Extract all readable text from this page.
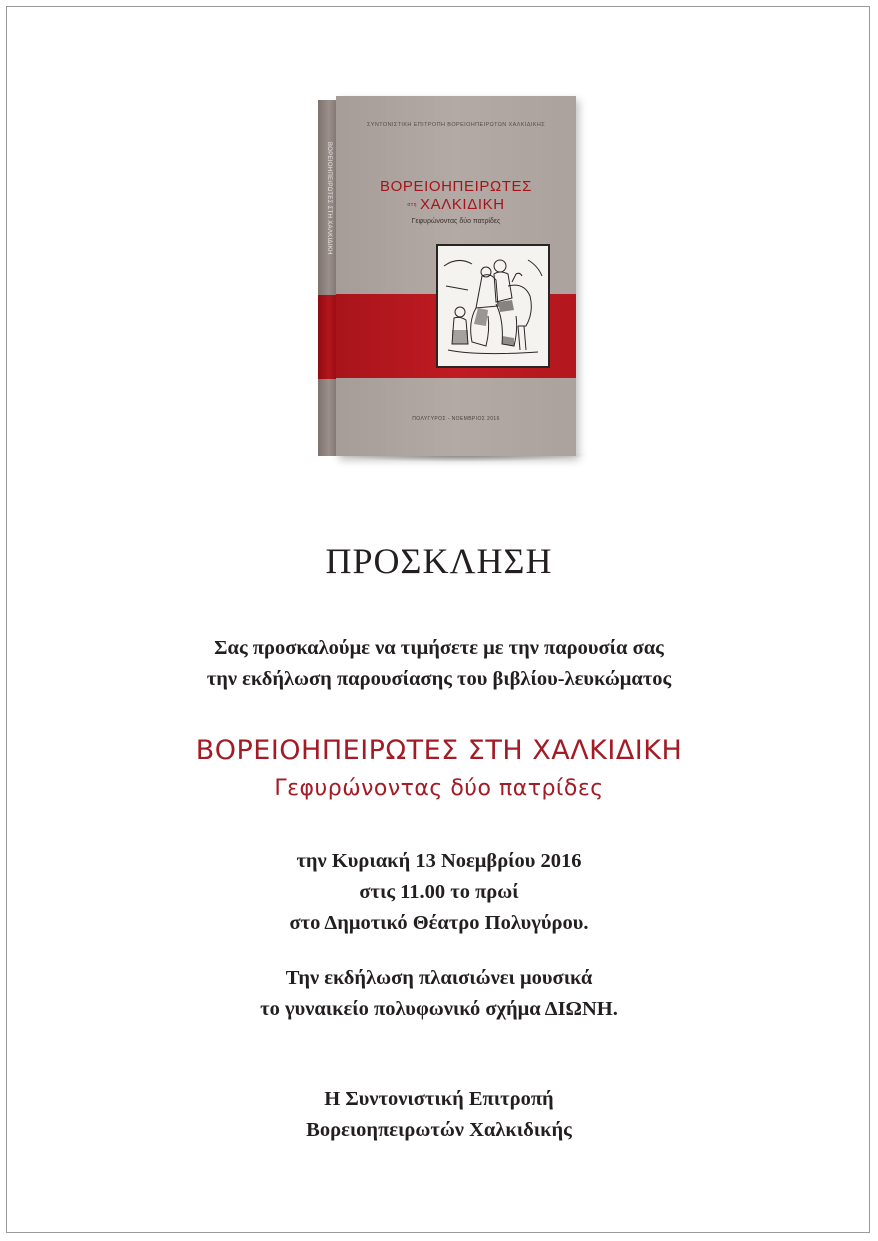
ΒΟΡΕΙΟΗΠΕΙΡΩΤΕΣ ΣΤΗ ΧΑΛΚΙΔΙΚΗ
ΣΥΝΤΟΝΙΣΤΙΚΗ ΕΠΙΤΡΟΠΗ ΒΟΡΕΙΟΗΠΕΙΡΩΤΩΝ ΧΑΛΚΙΔΙΚΗΣ
ΒΟΡΕΙΟΗΠΕΙΡΩΤΕΣ
στη ΧΑΛΚΙΔΙΚΗ
Γεφυρώνοντας δύο πατρίδες
ΠΟΛΥΓΥΡΟΣ - ΝΟΕΜΒΡΙΟΣ 2016
ΠΡΟΣΚΛΗΣΗ
Σας προσκαλούμε να τιμήσετε με την παρουσία σας
την εκδήλωση παρουσίασης του βιβλίου-λευκώματος
ΒΟΡΕΙΟΗΠΕΙΡΩΤΕΣ ΣΤΗ ΧΑΛΚΙΔΙΚΗ
Γεφυρώνοντας δύο πατρίδες
την Κυριακή 13 Νοεμβρίου 2016
στις 11.00 το πρωί
στο Δημοτικό Θέατρο Πολυγύρου.
Την εκδήλωση πλαισιώνει μουσικά
το γυναικείο πολυφωνικό σχήμα ΔΙΩΝΗ.
Η Συντονιστική Επιτροπή
Βορειοηπειρωτών Χαλκιδικής
